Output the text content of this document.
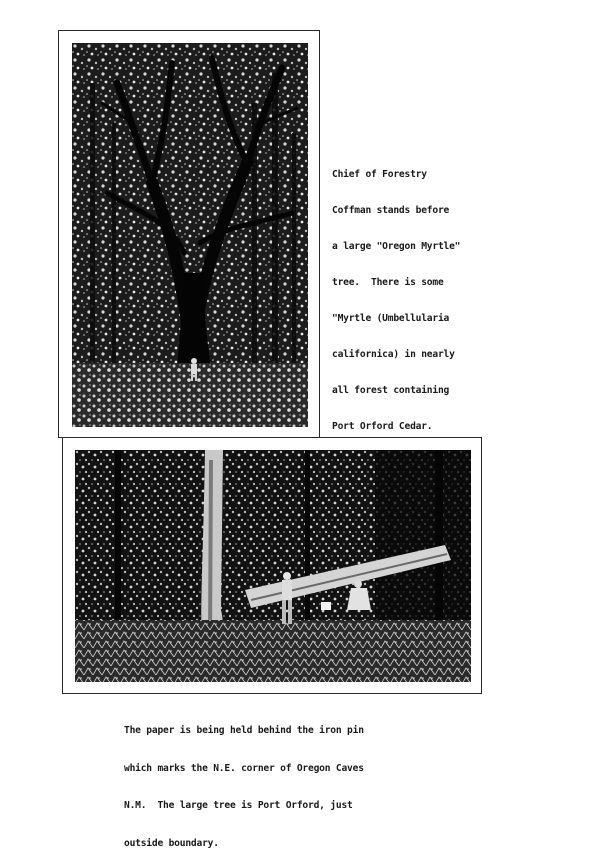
Chief of Forestry

Coffman stands before

a large "Oregon Myrtle"

tree.  There is some

"Myrtle (Umbellularia

californica) in nearly

all forest containing

Port Orford Cedar.

The paper is being held behind the iron pin

which marks the N.E. corner of Oregon Caves

N.M.  The large tree is Port Orford, just

outside boundary.
